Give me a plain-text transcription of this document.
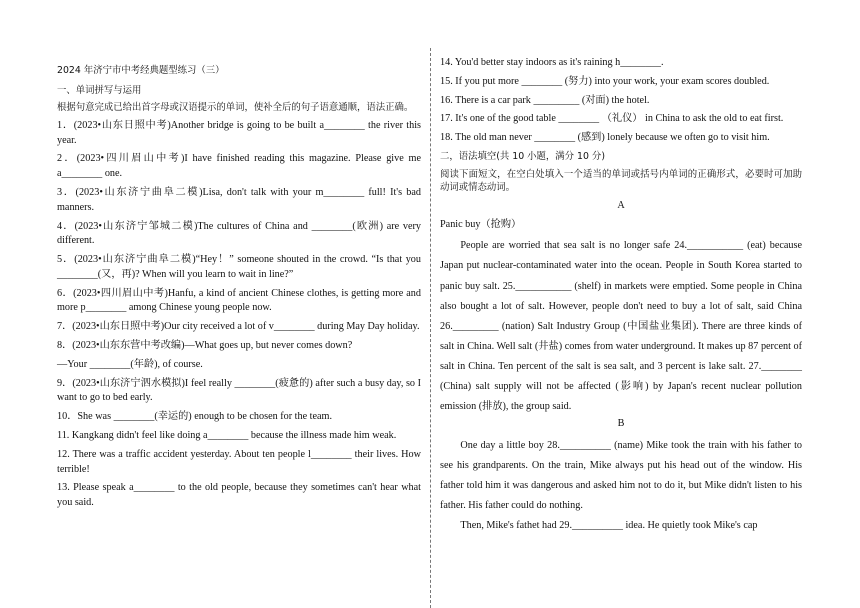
2024 年济宁市中考经典题型练习（三）
一、单词拼写与运用
根据句意完成已给出首字母或汉语提示的单词，使补全后的句子语意通顺，语法正确。
1．(2023•山东日照中考)Another bridge is going to be built a________ the river this year.
2．(2023•四川眉山中考)I have finished reading this magazine. Please give me a________ one.
3．(2023•山东济宁曲阜二模)Lisa, don't talk with your m________ full! It's bad manners.
4．(2023•山东济宁邹城二模)The cultures of China and ________(欧洲) are very different.
5．(2023•山东济宁曲阜二模)“Hey！” someone shouted in the crowd. “Is that you ________(又，再)? When will you learn to wait in line?”
6．(2023•四川眉山中考)Hanfu, a kind of ancient Chinese clothes, is getting more and more p________ among Chinese young people now.
7．(2023•山东日照中考)Our city received a lot of v________ during May Day holiday.
8．(2023•山东东营中考改编)—What goes up, but never comes down?
—Your ________(年龄), of course.
9．(2023•山东济宁泗水模拟)I feel really ________(疲惫的) after such a busy day, so I want to go to bed early.
10．She was ________(幸运的) enough to be chosen for the team.
11. Kangkang didn't feel like doing a________ because the illness made him weak.
12. There was a traffic accident yesterday. About ten people l________ their lives. How terrible!
13. Please speak a________ to the old people, because they sometimes can't hear what you said.
14. You'd better stay indoors as it's raining h________.
15. If you put more ________ (努力) into your work, your exam scores doubled.
16. There is a car park _________ (对面) the hotel.
17. It's one of the good table ________ （礼仪） in China to ask the old to eat first.
18. The old man never ________ (感到) lonely because we often go to visit him.
二，语法填空(共 10 小题，满分 10 分)
阅读下面短文，在空白处填入一个适当的单词或括号内单词的正确形式，必要时可加助动词或情态动词。
A
Panic buy（抢购）
People are worried that sea salt is no longer safe 24.___________ (eat) because Japan put nuclear-contaminated water into the ocean. People in South Korea started to panic buy salt. 25.___________ (shelf) in markets were emptied. Some people in China also bought a lot of salt. However, people don't need to buy a lot of salt, said China 26._________ (nation) Salt Industry Group (中国盐业集团). There are three kinds of salt in China. Well salt (井盐) comes from water underground. It makes up 87 percent of salt in China. Ten percent of the salt is sea salt, and 3 percent is lake salt. 27.________ (China) salt supply will not be affected (影响) by Japan's recent nuclear pollution emission (排放), the group said.
B
One day a little boy 28.__________ (name) Mike took the train with his father to see his grandparents. On the train, Mike always put his head out of the window. His father told him it was dangerous and asked him not to do it, but Mike didn't listen to his father. His father could do nothing.
Then, Mike's fathet had 29.__________ idea. He quietly took Mike's cap
